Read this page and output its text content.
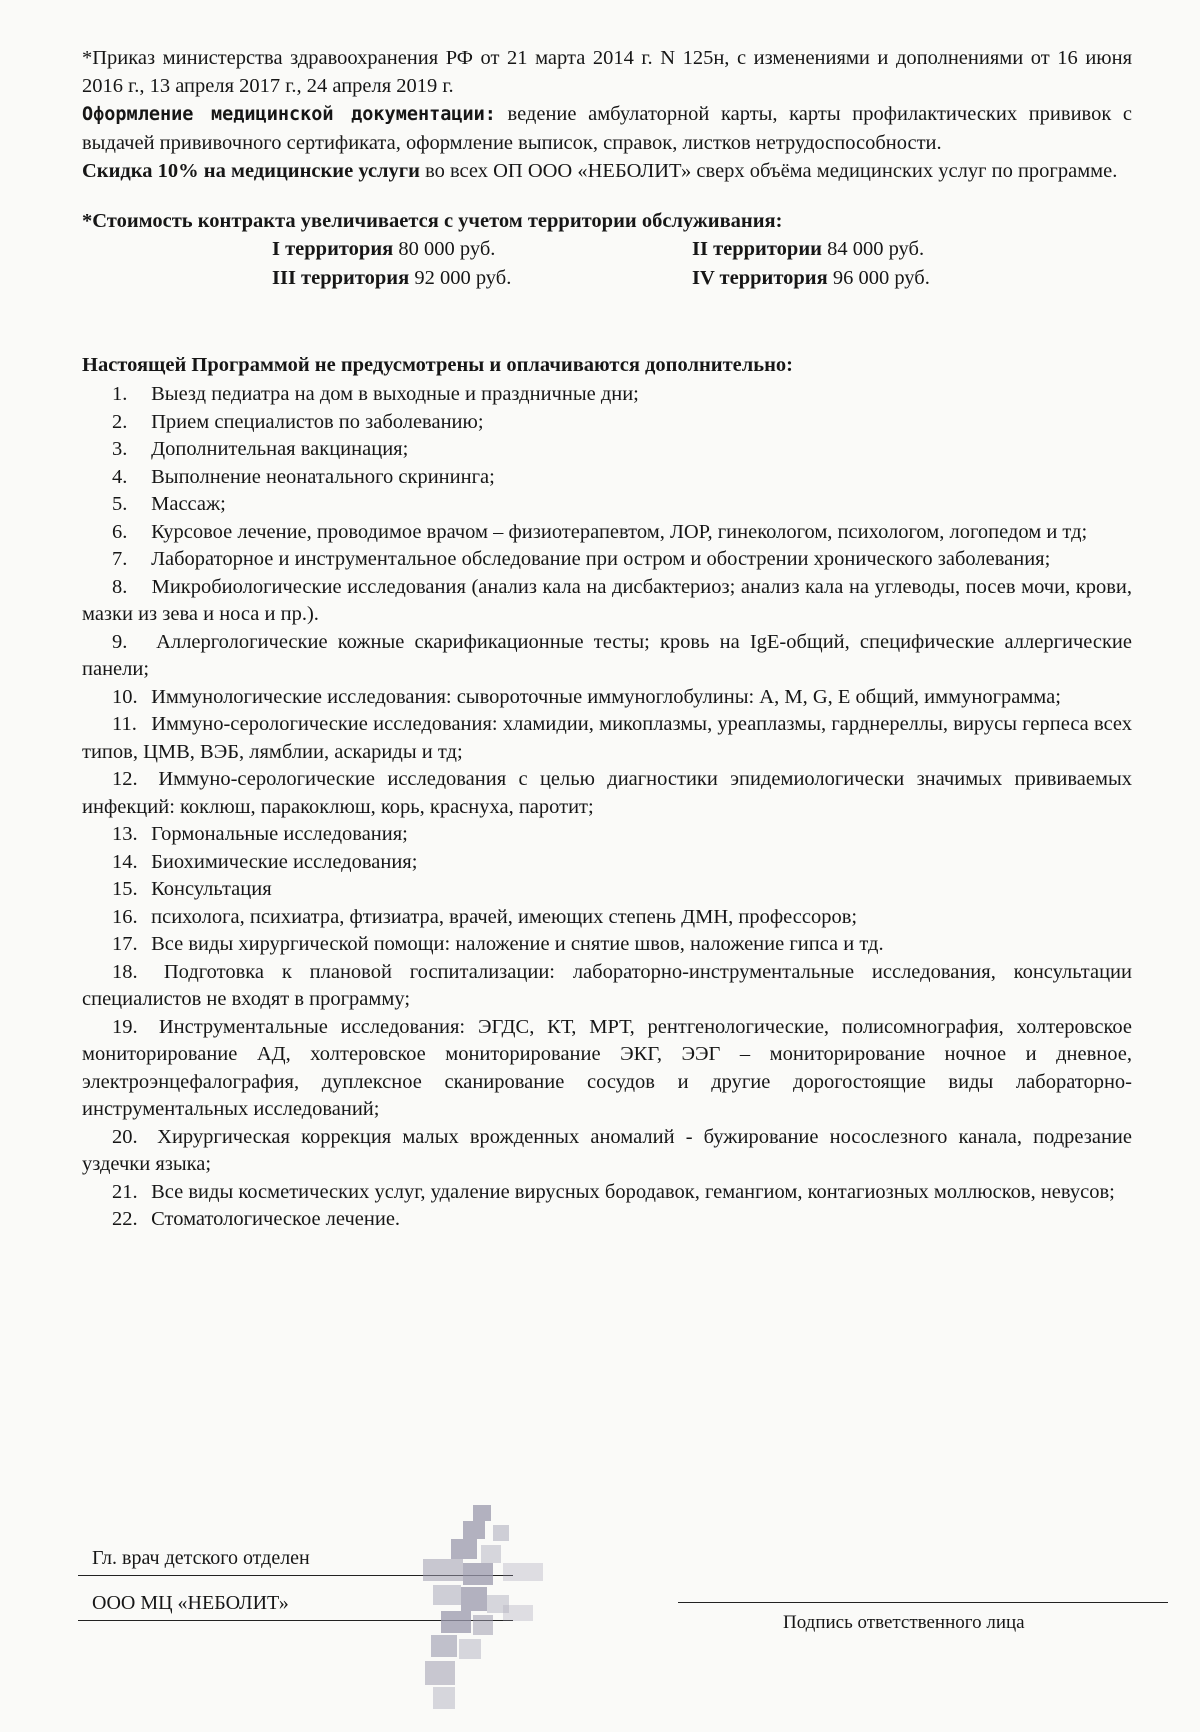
*Приказ министерства здравоохранения РФ от 21 марта 2014 г. N 125н, с изменениями и дополнениями от 16 июня 2016 г., 13 апреля 2017 г., 24 апреля 2019 г.

Оформление медицинской документации: ведение амбулаторной карты, карты профилактических прививок с выдачей прививочного сертификата, оформление выписок, справок, листков нетрудоспособности.

Скидка 10% на медицинские услуги во всех ОП ООО «НЕБОЛИТ» сверх объёма медицинских услуг по программе.

*Стоимость контракта увеличивается с учетом территории обслуживания:

I территория 80 000 руб.	II территории 84 000 руб.
III территория 92 000 руб.	IV территория 96 000 руб.

Настоящей Программой не предусмотрены и оплачиваются дополнительно:

1. Выезд педиатра на дом в выходные и праздничные дни;
2. Прием специалистов по заболеванию;
3. Дополнительная вакцинация;
4. Выполнение неонатального скрининга;
5. Массаж;
6. Курсовое лечение, проводимое врачом – физиотерапевтом, ЛОР, гинекологом, психологом, логопедом и тд;
7. Лабораторное и инструментальное обследование при остром и обострении хронического заболевания;
8. Микробиологические исследования (анализ кала на дисбактериоз; анализ кала на углеводы, посев мочи, крови, мазки из зева и носа и пр.).
9. Аллергологические кожные скарификационные тесты; кровь на IgE-общий, специфические аллергические панели;
10. Иммунологические исследования: сывороточные иммуноглобулины: A, M, G, E общий, иммунограмма;
11. Иммуно-серологические исследования: хламидии, микоплазмы, уреаплазмы, гарднереллы, вирусы герпеса всех типов, ЦМВ, ВЭБ, лямблии, аскариды и тд;
12. Иммуно-серологические исследования с целью диагностики эпидемиологически значимых прививаемых инфекций: коклюш, паракоклюш, корь, краснуха, паротит;
13. Гормональные исследования;
14. Биохимические исследования;
15. Консультация
16. психолога, психиатра, фтизиатра, врачей, имеющих степень ДМН, профессоров;
17. Все виды хирургической помощи: наложение и снятие швов, наложение гипса и тд.
18. Подготовка к плановой госпитализации: лабораторно-инструментальные исследования, консультации специалистов не входят в программу;
19. Инструментальные исследования: ЭГДС, КТ, МРТ, рентгенологические, полисомнография, холтеровское мониторирование АД, холтеровское мониторирование ЭКГ, ЭЭГ – мониторирование ночное и дневное, электроэнцефалография, дуплексное сканирование сосудов и другие дорогостоящие виды лабораторно-инструментальных исследований;
20. Хирургическая коррекция малых врожденных аномалий - бужирование носослезного канала, подрезание уздечки языка;
21. Все виды косметических услуг, удаление вирусных бородавок, гемангиом, контагиозных моллюсков, невусов;
22. Стоматологическое лечение.
Гл. врач детского отделен
ООО МЦ «НЕБОЛИТ»
Подпись ответственного лица
